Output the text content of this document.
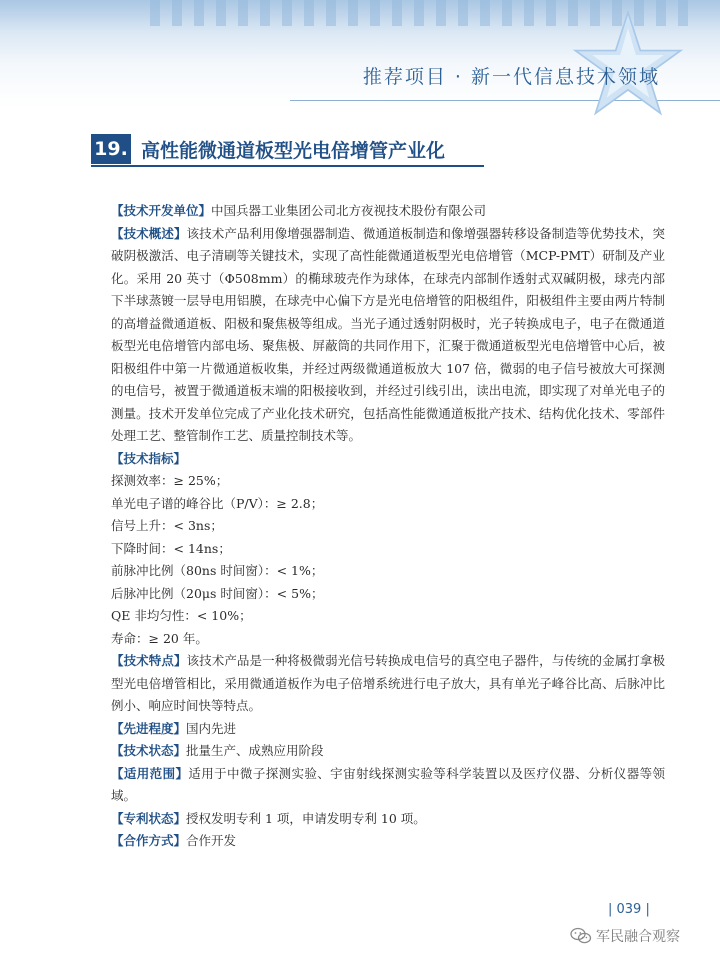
推荐项目 · 新一代信息技术领域
19. 高性能微通道板型光电倍增管产业化

【技术开发单位】中国兵器工业集团公司北方夜视技术股份有限公司

【技术概述】该技术产品利用像增强器制造、微通道板制造和像增强器转移设备制造等优势技术，突破阴极激活、电子清刷等关键技术，实现了高性能微通道板型光电倍增管（MCP-PMT）研制及产业化。采用 20 英寸（Φ508mm）的椭球玻壳作为球体，在球壳内部制作透射式双碱阴极，球壳内部下半球蒸镀一层导电用铝膜，在球壳中心偏下方是光电倍增管的阳极组件，阳极组件主要由两片特制的高增益微通道板、阳极和聚焦极等组成。当光子通过透射阴极时，光子转换成电子，电子在微通道板型光电倍增管内部电场、聚焦极、屏蔽筒的共同作用下，汇聚于微通道板型光电倍增管中心后，被阳极组件中第一片微通道板收集，并经过两级微通道板放大 107 倍，微弱的电子信号被放大可探测的电信号，被置于微通道板末端的阳极接收到，并经过引线引出，读出电流，即实现了对单光电子的测量。技术开发单位完成了产业化技术研究，包括高性能微通道板批产技术、结构优化技术、零部件处理工艺、整管制作工艺、质量控制技术等。

【技术指标】

探测效率：≥ 25%；

单光电子谱的峰谷比（P/V）：≥ 2.8；

信号上升：< 3ns；

下降时间：< 14ns；

前脉冲比例（80ns 时间窗）：< 1%；

后脉冲比例（20μs 时间窗）：< 5%；

QE 非均匀性：< 10%；

寿命：≥ 20 年。

【技术特点】该技术产品是一种将极微弱光信号转换成电信号的真空电子器件，与传统的金属打拿极型光电倍增管相比，采用微通道板作为电子倍增系统进行电子放大，具有单光子峰谷比高、后脉冲比例小、响应时间快等特点。

【先进程度】国内先进

【技术状态】批量生产、成熟应用阶段

【适用范围】适用于中微子探测实验、宇宙射线探测实验等科学装置以及医疗仪器、分析仪器等领域。

【专利状态】授权发明专利 1 项，申请发明专利 10 项。

【合作方式】合作开发

| 039 |
军民融合观察
